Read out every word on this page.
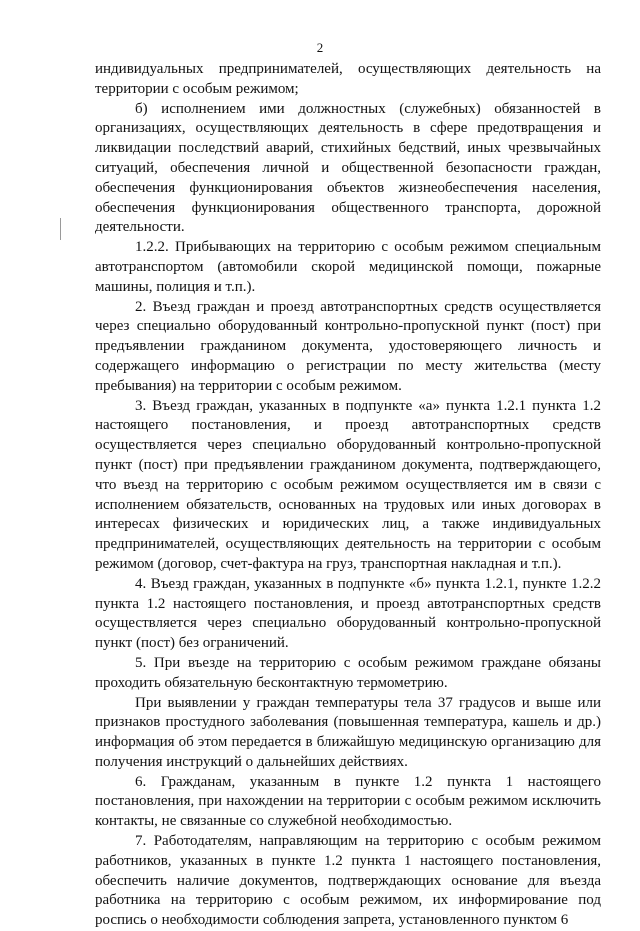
2

индивидуальных предпринимателей, осуществляющих деятельность на территории с особым режимом;

б) исполнением ими должностных (служебных) обязанностей в организациях, осуществляющих деятельность в сфере предотвращения и ликвидации последствий аварий, стихийных бедствий, иных чрезвычайных ситуаций, обеспечения личной и общественной безопасности граждан, обеспечения функционирования объектов жизнеобеспечения населения, обеспечения функционирования общественного транспорта, дорожной деятельности.

1.2.2. Прибывающих на территорию с особым режимом специальным автотранспортом (автомобили скорой медицинской помощи, пожарные машины, полиция и т.п.).

2. Въезд граждан и проезд автотранспортных средств осуществляется через специально оборудованный контрольно-пропускной пункт (пост) при предъявлении гражданином документа, удостоверяющего личность и содержащего информацию о регистрации по месту жительства (месту пребывания) на территории с особым режимом.

3. Въезд граждан, указанных в подпункте «а» пункта 1.2.1 пункта 1.2 настоящего постановления, и проезд автотранспортных средств осуществляется через специально оборудованный контрольно-пропускной пункт (пост) при предъявлении гражданином документа, подтверждающего, что въезд на территорию с особым режимом осуществляется им в связи с исполнением обязательств, основанных на трудовых или иных договорах в интересах физических и юридических лиц, а также индивидуальных предпринимателей, осуществляющих деятельность на территории с особым режимом (договор, счет-фактура на груз, транспортная накладная и т.п.).

4. Въезд граждан, указанных в подпункте «б» пункта 1.2.1, пункте 1.2.2 пункта 1.2 настоящего постановления, и проезд автотранспортных средств осуществляется через специально оборудованный контрольно-пропускной пункт (пост) без ограничений.

5. При въезде на территорию с особым режимом граждане обязаны проходить обязательную бесконтактную термометрию.

При выявлении у граждан температуры тела 37 градусов и выше или признаков простудного заболевания (повышенная температура, кашель и др.) информация об этом передается в ближайшую медицинскую организацию для получения инструкций о дальнейших действиях.

6. Гражданам, указанным в пункте 1.2 пункта 1 настоящего постановления, при нахождении на территории с особым режимом исключить контакты, не связанные со служебной необходимостью.

7. Работодателям, направляющим на территорию с особым режимом работников, указанных в пункте 1.2 пункта 1 настоящего постановления, обеспечить наличие документов, подтверждающих основание для въезда работника на территорию с особым режимом, их информирование под роспись о необходимости соблюдения запрета, установленного пунктом 6
